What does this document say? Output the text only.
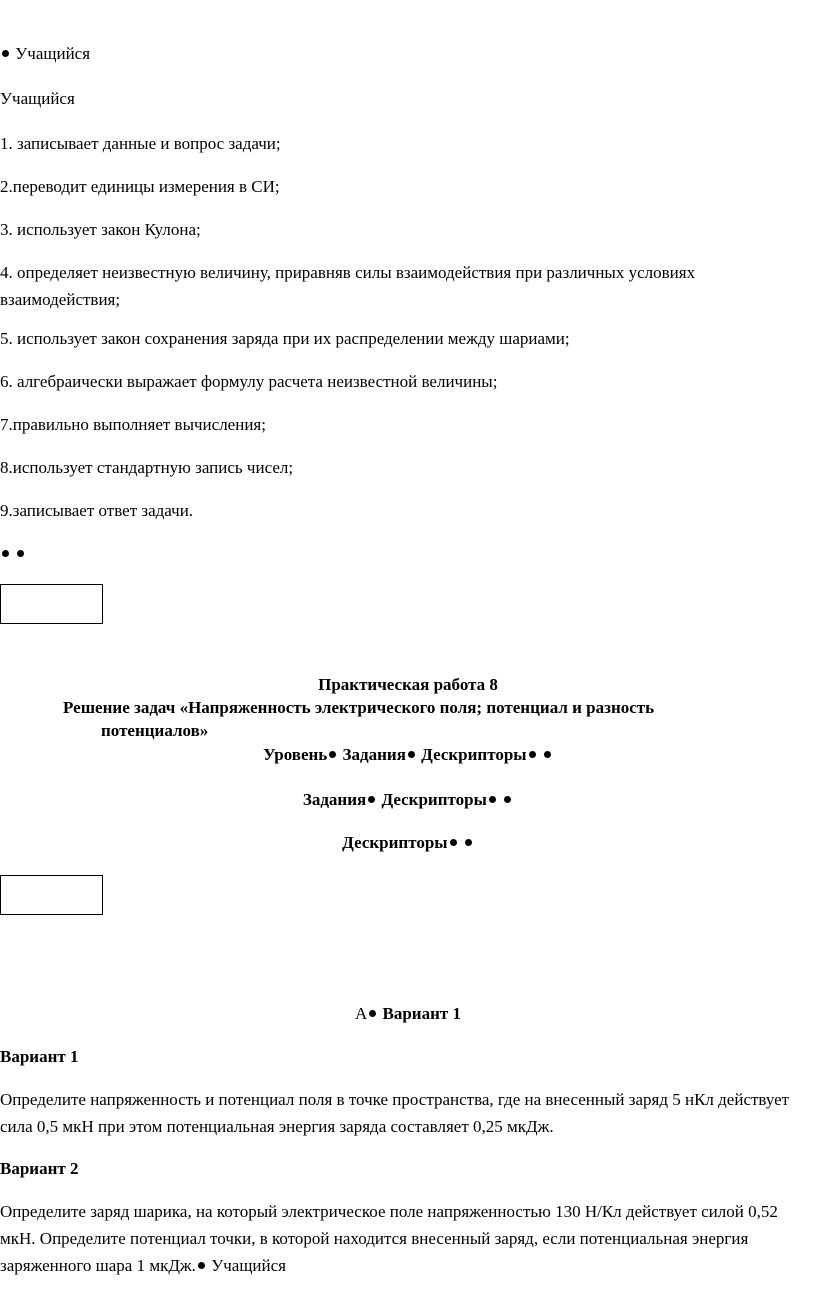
Учащийся
Учащийся
1. записывает данные и вопрос задачи;
2.переводит единицы измерения в СИ;
3. использует закон Кулона;
4. определяет неизвестную величину, приравняв силы взаимодействия при различных условиях взаимодействия;
5. использует закон сохранения заряда при их распределении между шариами;
6. алгебраически выражает формулу расчета неизвестной величины;
7.правильно выполняет вычисления;
8.использует стандартную запись чисел;
9.записывает ответ задачи.

Практическая работа 8
Решение задач «Напряженность электрического поля; потенциал и разность
потенциалов»
Уровень Задания Дескрипторы
Задания Дескрипторы
Дескрипторы
А Вариант 1
Вариант 1
Определите напряженность и потенциал поля в точке пространства, где на внесенный заряд 5 нКл действует сила 0,5 мкН при этом потенциальная энергия заряда составляет 0,25 мкДж.
Вариант 2
Определите заряд шарика, на который электрическое поле напряженностью 130 Н/Кл действует силой 0,52 мкН. Определите потенциал точки, в которой находится внесенный заряд, если потенциальная энергия заряженного шара 1 мкДж. Учащийся
